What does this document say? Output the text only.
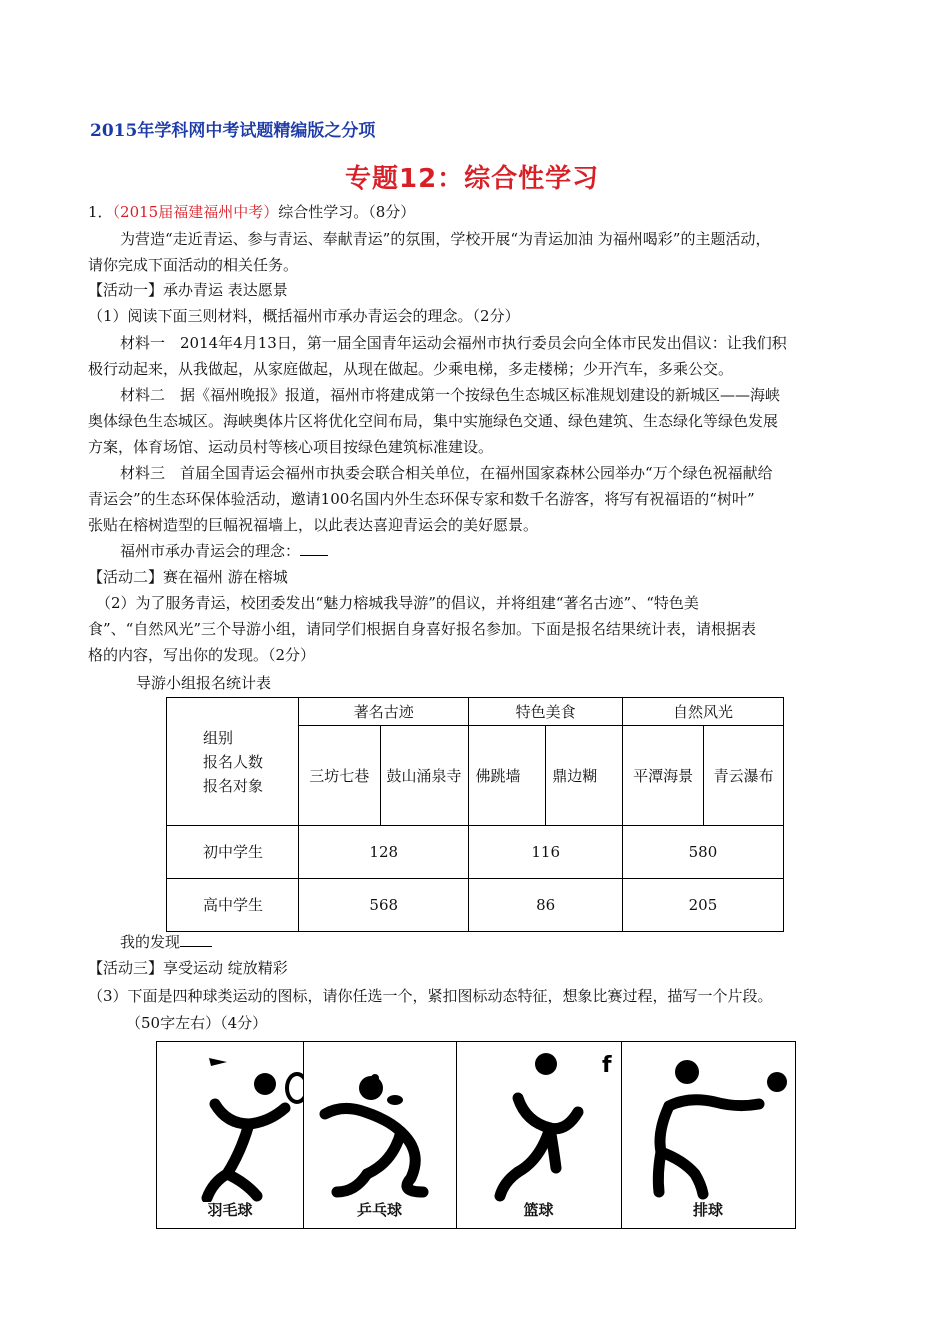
2015年学科网中考试题精编版之分项
专题12：综合性学习
1．（2015届福建福州中考）综合性学习。（8分）
为营造“走近青运、参与青运、奉献青运”的氛围，学校开展“为青运加油 为福州喝彩”的主题活动，
请你完成下面活动的相关任务。
【活动一】承办青运 表达愿景
（1）阅读下面三则材料，概括福州市承办青运会的理念。（2分）
材料一　2014年4月13日，第一届全国青年运动会福州市执行委员会向全体市民发出倡议：让我们积
极行动起来，从我做起，从家庭做起，从现在做起。少乘电梯，多走楼梯；少开汽车，多乘公交。
材料二　据《福州晚报》报道，福州市将建成第一个按绿色生态城区标准规划建设的新城区——海峡
奥体绿色生态城区。海峡奥体片区将优化空间布局，集中实施绿色交通、绿色建筑、生态绿化等绿色发展
方案，体育场馆、运动员村等核心项目按绿色建筑标准建设。
材料三　首届全国青运会福州市执委会联合相关单位，在福州国家森林公园举办“万个绿色祝福献给
青运会”的生态环保体验活动，邀请100名国内外生态环保专家和数千名游客，将写有祝福语的“树叶”
张贴在榕树造型的巨幅祝福墙上，以此表达喜迎青运会的美好愿景。
福州市承办青运会的理念：
【活动二】赛在福州 游在榕城
（2）为了服务青运，校团委发出“魅力榕城我导游”的倡议，并将组建“著名古迹”、“特色美
食”、“自然风光”三个导游小组，请同学们根据自身喜好报名参加。下面是报名结果统计表，请根据表
格的内容，写出你的发现。（2分）
导游小组报名统计表
组别
报名人数
报名对象	著名古迹		特色美食		自然风光	
	三坊七巷	鼓山涌泉寺	佛跳墙	鼎边糊	平潭海景	青云瀑布
初中学生	128		116		580	
高中学生	568		86		205	
我的发现
【活动三】享受运动 绽放精彩
（3）下面是四种球类运动的图标，请你任选一个，紧扣图标动态特征，想象比赛过程，描写一个片段。
（50字左右）（4分）
羽毛球	乒乓球
f
篮球	排球
